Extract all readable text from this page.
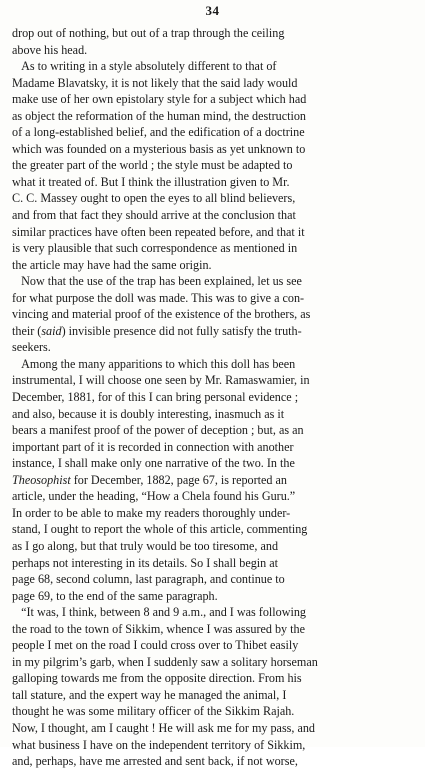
34
drop out of nothing, but out of a trap through the ceiling
above his head.
As to writing in a style absolutely different to that of
Madame Blavatsky, it is not likely that the said lady would
make use of her own epistolary style for a subject which had
as object the reformation of the human mind, the destruction
of a long-established belief, and the edification of a doctrine
which was founded on a mysterious basis as yet unknown to
the greater part of the world ; the style must be adapted to
what it treated of. But I think the illustration given to Mr.
C. C. Massey ought to open the eyes to all blind believers,
and from that fact they should arrive at the conclusion that
similar practices have often been repeated before, and that it
is very plausible that such correspondence as mentioned in
the article may have had the same origin.
Now that the use of the trap has been explained, let us see
for what purpose the doll was made. This was to give a con-
vincing and material proof of the existence of the brothers, as
their (said) invisible presence did not fully satisfy the truth-
seekers.
Among the many apparitions to which this doll has been
instrumental, I will choose one seen by Mr. Ramaswamier, in
December, 1881, for of this I can bring personal evidence ;
and also, because it is doubly interesting, inasmuch as it
bears a manifest proof of the power of deception ; but, as an
important part of it is recorded in connection with another
instance, I shall make only one narrative of the two. In the
Theosophist for December, 1882, page 67, is reported an
article, under the heading, “How a Chela found his Guru.”
In order to be able to make my readers thoroughly under-
stand, I ought to report the whole of this article, commenting
as I go along, but that truly would be too tiresome, and
perhaps not interesting in its details. So I shall begin at
page 68, second column, last paragraph, and continue to
page 69, to the end of the same paragraph.
“It was, I think, between 8 and 9 a.m., and I was following
the road to the town of Sikkim, whence I was assured by the
people I met on the road I could cross over to Thibet easily
in my pilgrim’s garb, when I suddenly saw a solitary horseman
galloping towards me from the opposite direction. From his
tall stature, and the expert way he managed the animal, I
thought he was some military officer of the Sikkim Rajah.
Now, I thought, am I caught ! He will ask me for my pass, and
what business I have on the independent territory of Sikkim,
and, perhaps, have me arrested and sent back, if not worse,
